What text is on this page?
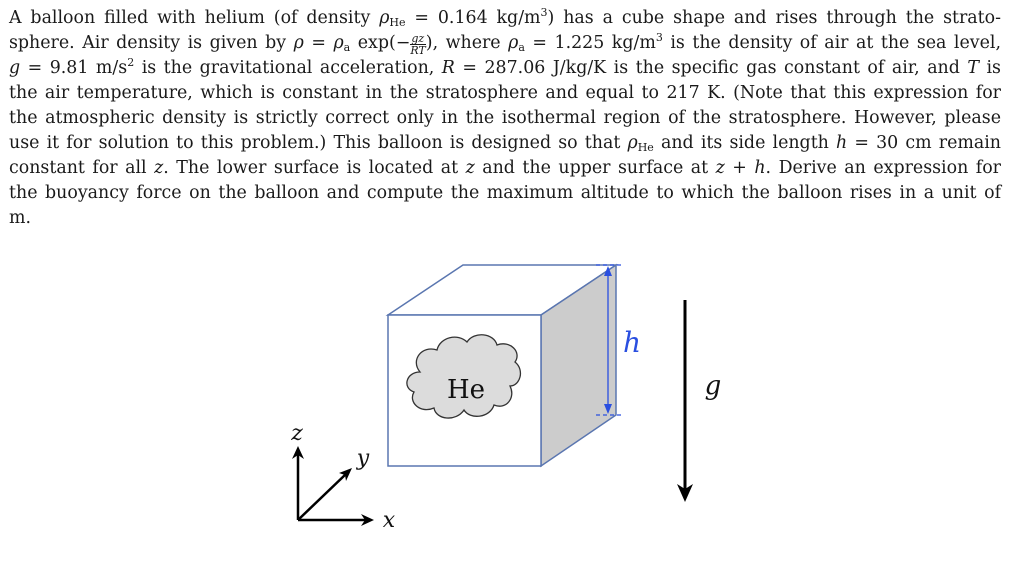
A balloon filled with helium (of density $\rho_{He} = 0.164$ $kg/m^3$) has a cube shape and rises through the strato-
sphere. Air density is given by $\rho = \rho_a$ $\exp(- \frac{gz}{RT}$ ), where $\rho_a = 1.225$ $kg/m^3$ is the density of air at the sea level,
g = 9.81 $m/s^2$ is the gravitational acceleration, R = 287.06 J/kg/K is the specific gas constant of air, and T is
the air temperature, which is constant in the stratosphere and equal to 217 K. (Note that this expression for
the atmospheric density is strictly correct only in the isothermal region of the stratosphere. However, please
use it for solution to this problem.) This balloon is designed so that $\rho_{He}$ and its side length h = 30 cm remain
constant for all z. The lower surface is located at z and the upper surface at z + h. Derive an expression for
the buoyancy force on the balloon and compute the maximum altitude to which the balloon rises in a unit of
m.
He
h
g
z
y
x
